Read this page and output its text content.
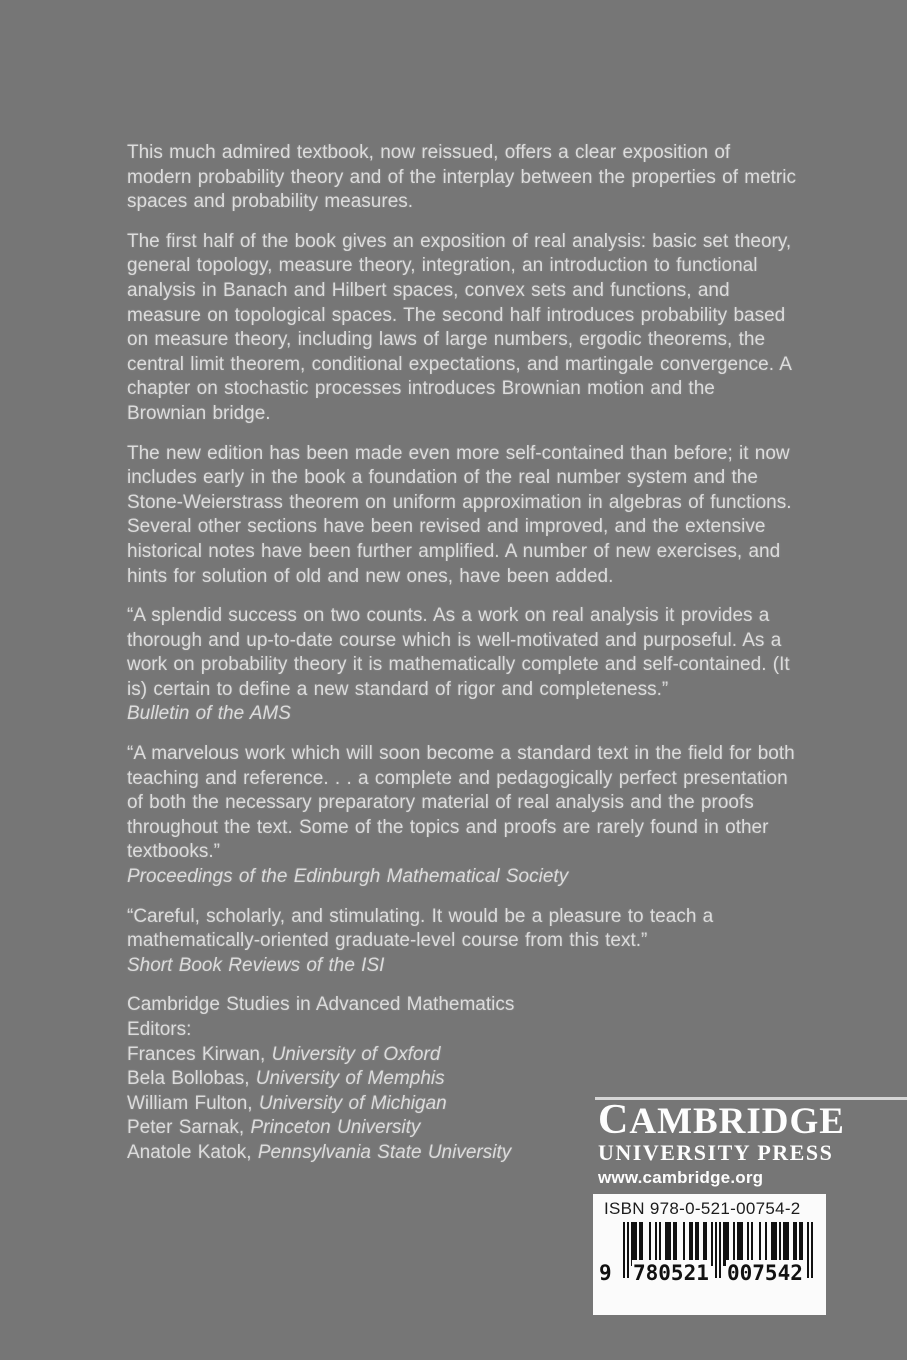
This much admired textbook, now reissued, offers a clear exposition of modern probability theory and of the interplay between the properties of metric spaces and probability measures.

The first half of the book gives an exposition of real analysis: basic set theory, general topology, measure theory, integration, an introduction to functional analysis in Banach and Hilbert spaces, convex sets and functions, and measure on topological spaces. The second half introduces probability based on measure theory, including laws of large numbers, ergodic theorems, the central limit theorem, conditional expectations, and martingale convergence. A chapter on stochastic processes introduces Brownian motion and the Brownian bridge.

The new edition has been made even more self-contained than before; it now includes early in the book a foundation of the real number system and the Stone-Weierstrass theorem on uniform approximation in algebras of functions. Several other sections have been revised and improved, and the extensive historical notes have been further amplified. A number of new exercises, and hints for solution of old and new ones, have been added.

“A splendid success on two counts. As a work on real analysis it provides a thorough and up-to-date course which is well-motivated and purposeful. As a work on probability theory it is mathematically complete and self-contained. (It is) certain to define a new standard of rigor and completeness.”
Bulletin of the AMS
“A marvelous work which will soon become a standard text in the field for both teaching and reference. . . a complete and pedagogically perfect presentation of both the necessary preparatory material of real analysis and the proofs throughout the text. Some of the topics and proofs are rarely found in other textbooks.”
Proceedings of the Edinburgh Mathematical Society
“Careful, scholarly, and stimulating. It would be a pleasure to teach a mathematically-oriented graduate-level course from this text.”
Short Book Reviews of the ISI
Cambridge Studies in Advanced Mathematics
Editors:
Frances Kirwan, University of Oxford
Bela Bollobas, University of Memphis
William Fulton, University of Michigan
Peter Sarnak, Princeton University
Anatole Katok, Pennsylvania State University
CAMBRIDGE
UNIVERSITY PRESS
www.cambridge.org
ISBN 978-0-521-00754-2
9 780521 007542
